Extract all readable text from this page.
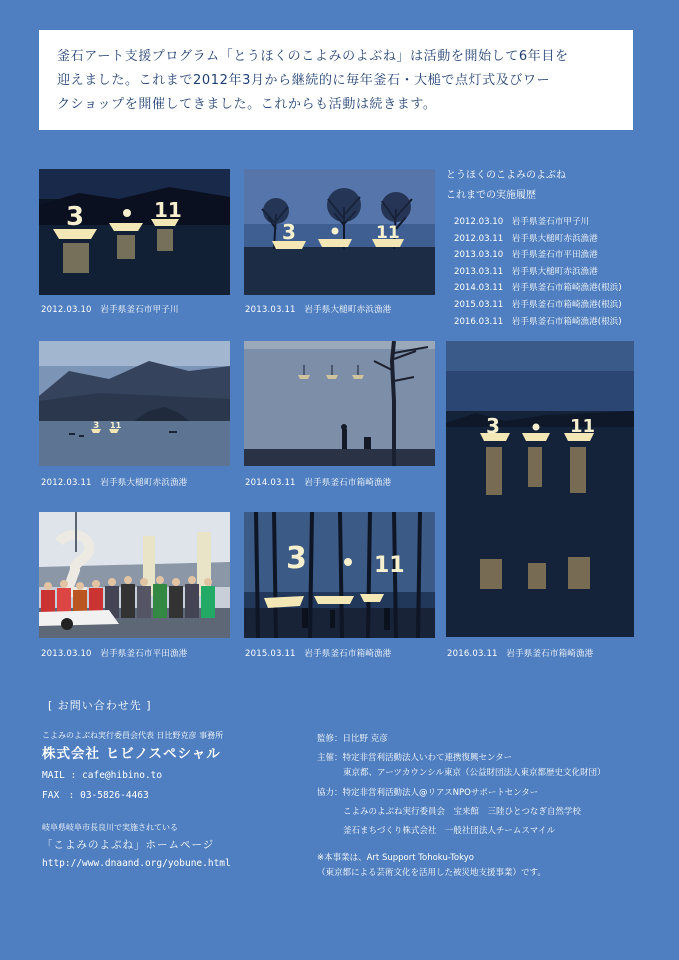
釜石アート支援プログラム「とうほくのこよみのよぶね」は活動を開始して6年目を
迎えました。これまで2012年3月から継続的に毎年釜石・大槌で点灯式及びワー
クショップを開催してきました。これからも活動は続きます。
3	11
2012.03.10　岩手県釜石市甲子川
3	11
2013.03.11　岩手県大槌町赤浜漁港
とうほくのこよみのよぶね
これまでの実施履歴
2012.03.10　岩手県釜石市甲子川
2012.03.11　岩手県大槌町赤浜漁港
2013.03.10　岩手県釜石市平田漁港
2013.03.11　岩手県大槌町赤浜漁港
2014.03.11　岩手県釜石市箱崎漁港(根浜)
2015.03.11　岩手県釜石市箱崎漁港(根浜)
2016.03.11　岩手県釜石市箱崎漁港(根浜)
3 11
2012.03.11　岩手県大槌町赤浜漁港	2014.03.11　岩手県釜石市箱崎漁港
3	11
2016.03.11　岩手県釜石市箱崎漁港
2013.03.10　岩手県釜石市平田漁港
3	11
2015.03.11　岩手県釜石市箱崎漁港
[ お問い合わせ先 ]
こよみのよぶね実行委員会代表 日比野克彦 事務所
株式会社 ヒビノスペシャル
MAIL : cafe@hibino.to
FAX　: 03-5826-4463
岐阜県岐阜市長良川で実施されている
「こよみのよぶね」ホームページ
http://www.dnaand.org/yobune.html
監修：日比野 克彦
主催：特定非営利活動法人いわて連携復興センター
東京都、アーツカウンシル東京（公益財団法人東京都歴史文化財団）
協力：特定非営利活動法人@リアスNPOサポートセンター
こよみのよぶね実行委員会　宝来館　三陸ひとつなぎ自然学校
釜石まちづくり株式会社　一般社団法人チームスマイル
※本事業は、Art Support Tohoku-Tokyo
（東京都による芸術文化を活用した被災地支援事業）です。
